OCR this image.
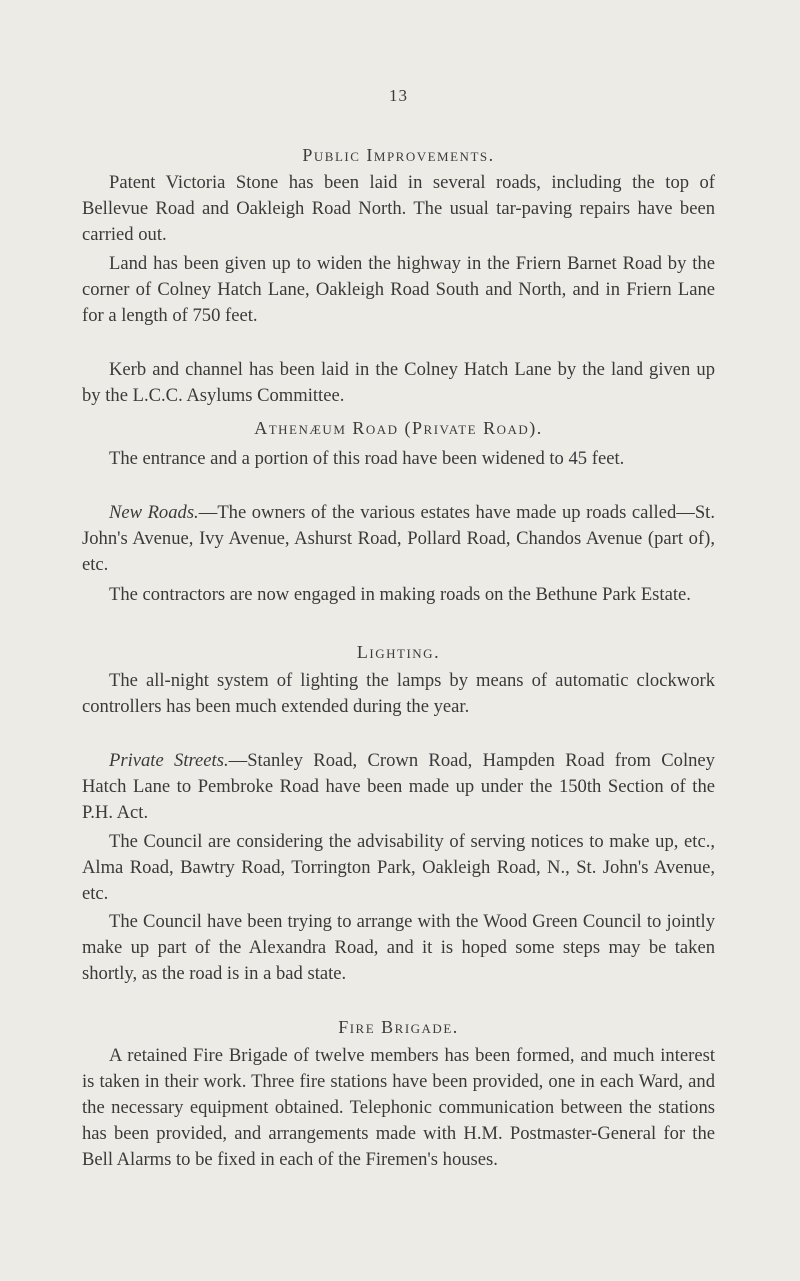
13
Public Improvements.

Patent Victoria Stone has been laid in several roads, including the top of Bellevue Road and Oakleigh Road North. The usual tar-paving repairs have been carried out.

Land has been given up to widen the highway in the Friern Barnet Road by the corner of Colney Hatch Lane, Oakleigh Road South and North, and in Friern Lane for a length of 750 feet.

Kerb and channel has been laid in the Colney Hatch Lane by the land given up by the L.C.C. Asylums Committee.

Athenæum Road (Private Road).

The entrance and a portion of this road have been widened to 45 feet.

New Roads.—The owners of the various estates have made up roads called—St. John's Avenue, Ivy Avenue, Ashurst Road, Pollard Road, Chandos Avenue (part of), etc.

The contractors are now engaged in making roads on the Bethune Park Estate.

Lighting.

The all-night system of lighting the lamps by means of automatic clockwork controllers has been much extended during the year.

Private Streets.—Stanley Road, Crown Road, Hampden Road from Colney Hatch Lane to Pembroke Road have been made up under the 150th Section of the P.H. Act.

The Council are considering the advisability of serving notices to make up, etc., Alma Road, Bawtry Road, Torrington Park, Oakleigh Road, N., St. John's Avenue, etc.

The Council have been trying to arrange with the Wood Green Council to jointly make up part of the Alexandra Road, and it is hoped some steps may be taken shortly, as the road is in a bad state.

Fire Brigade.

A retained Fire Brigade of twelve members has been formed, and much interest is taken in their work. Three fire stations have been provided, one in each Ward, and the necessary equipment obtained. Telephonic communication between the stations has been provided, and arrangements made with H.M. Postmaster-General for the Bell Alarms to be fixed in each of the Firemen's houses.
